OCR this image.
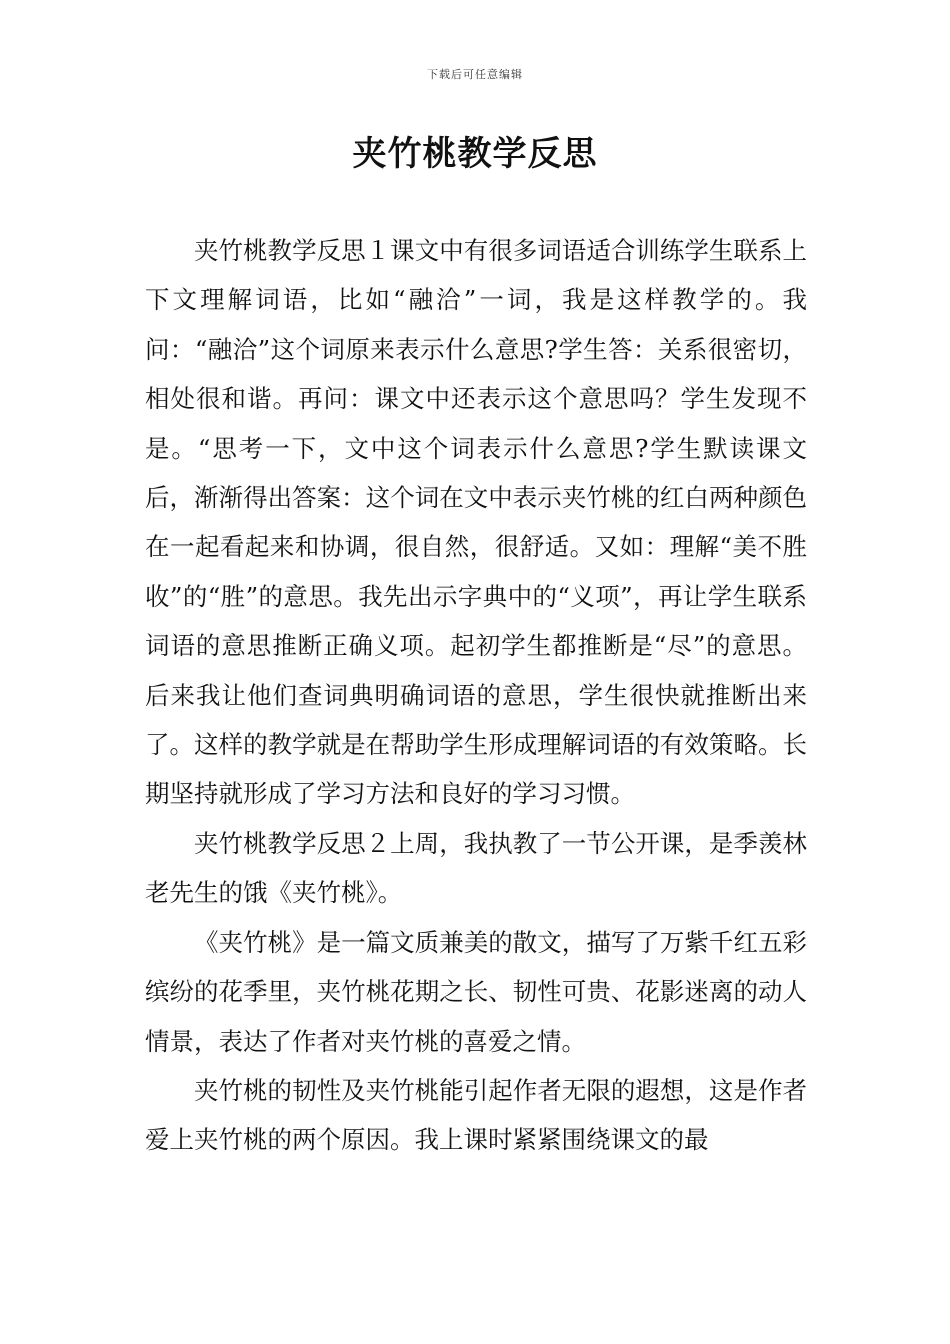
下载后可任意编辑
夹竹桃教学反思

夹竹桃教学反思１课文中有很多词语适合训练学生联系上下文理解词语，比如“融洽”一词，我是这样教学的。我问：“融洽”这个词原来表示什么意思?学生答：关系很密切，相处很和谐。再问：课文中还表示这个意思吗？学生发现不是。“思考一下，文中这个词表示什么意思?学生默读课文后，渐渐得出答案：这个词在文中表示夹竹桃的红白两种颜色在一起看起来和协调，很自然，很舒适。又如：理解“美不胜收”的“胜”的意思。我先出示字典中的“义项”，再让学生联系词语的意思推断正确义项。起初学生都推断是“尽”的意思。后来我让他们查词典明确词语的意思，学生很快就推断出来了。这样的教学就是在帮助学生形成理解词语的有效策略。长期坚持就形成了学习方法和良好的学习习惯。

夹竹桃教学反思２上周，我执教了一节公开课，是季羡林老先生的饿《夹竹桃》。

《夹竹桃》是一篇文质兼美的散文，描写了万紫千红五彩缤纷的花季里，夹竹桃花期之长、韧性可贵、花影迷离的动人情景，表达了作者对夹竹桃的喜爱之情。

夹竹桃的韧性及夹竹桃能引起作者无限的遐想，这是作者爱上夹竹桃的两个原因。我上课时紧紧围绕课文的最
